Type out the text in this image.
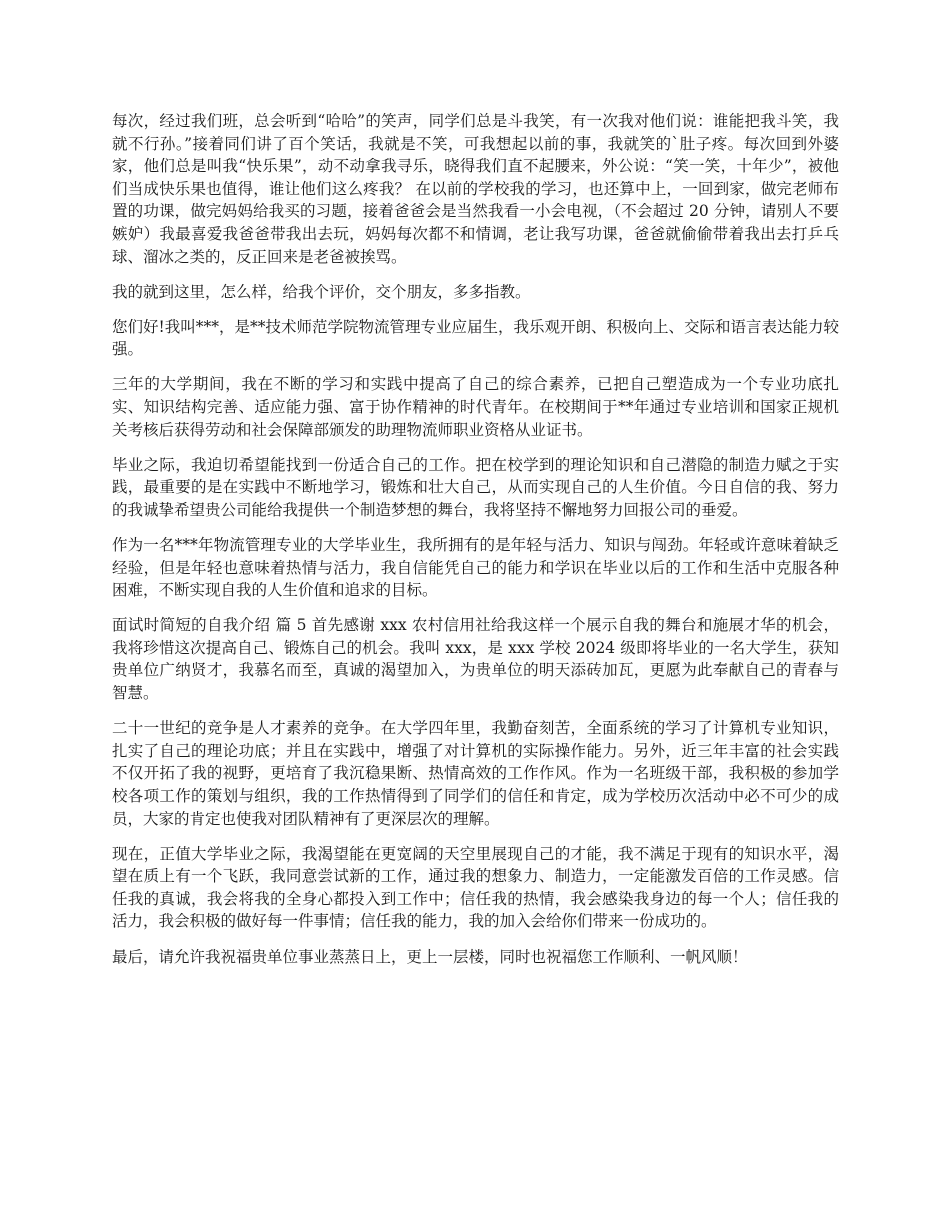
每次，经过我们班，总会听到“哈哈”的笑声，同学们总是斗我笑，有一次我对他们说：谁能把我斗笑，我就不行孙。”接着同们讲了百个笑话，我就是不笑，可我想起以前的事，我就笑的`肚子疼。每次回到外婆家，他们总是叫我“快乐果”，动不动拿我寻乐，晓得我们直不起腰来，外公说：“笑一笑，十年少”，被他们当成快乐果也值得，谁让他们这么疼我？ 在以前的学校我的学习，也还算中上，一回到家，做完老师布置的功课，做完妈妈给我买的习题，接着爸爸会是当然我看一小会电视，（不会超过 20 分钟，请别人不要嫉妒）我最喜爱我爸爸带我出去玩，妈妈每次都不和情调，老让我写功课，爸爸就偷偷带着我出去打乒乓球、溜冰之类的，反正回来是老爸被挨骂。

我的就到这里，怎么样，给我个评价，交个朋友，多多指教。

您们好!我叫***，是**技术师范学院物流管理专业应届生，我乐观开朗、积极向上、交际和语言表达能力较强。

三年的大学期间，我在不断的学习和实践中提高了自己的综合素养，已把自己塑造成为一个专业功底扎实、知识结构完善、适应能力强、富于协作精神的时代青年。在校期间于**年通过专业培训和国家正规机关考核后获得劳动和社会保障部颁发的助理物流师职业资格从业证书。

毕业之际，我迫切希望能找到一份适合自己的工作。把在校学到的理论知识和自己潜隐的制造力赋之于实践，最重要的是在实践中不断地学习，锻炼和壮大自己，从而实现自己的人生价值。今日自信的我、努力的我诚挚希望贵公司能给我提供一个制造梦想的舞台，我将坚持不懈地努力回报公司的垂爱。

作为一名***年物流管理专业的大学毕业生，我所拥有的是年轻与活力、知识与闯劲。年轻或许意味着缺乏经验，但是年轻也意味着热情与活力，我自信能凭自己的能力和学识在毕业以后的工作和生活中克服各种困难，不断实现自我的人生价值和追求的目标。

面试时简短的自我介绍 篇 5 首先感谢 xxx 农村信用社给我这样一个展示自我的舞台和施展才华的机会，我将珍惜这次提高自己、锻炼自己的机会。我叫 xxx，是 xxx 学校 2024 级即将毕业的一名大学生，获知贵单位广纳贤才，我慕名而至，真诚的渴望加入，为贵单位的明天添砖加瓦，更愿为此奉献自己的青春与智慧。

二十一世纪的竞争是人才素养的竞争。在大学四年里，我勤奋刻苦，全面系统的学习了计算机专业知识，扎实了自己的理论功底；并且在实践中，增强了对计算机的实际操作能力。另外，近三年丰富的社会实践不仅开拓了我的视野，更培育了我沉稳果断、热情高效的工作作风。作为一名班级干部，我积极的参加学校各项工作的策划与组织，我的工作热情得到了同学们的信任和肯定，成为学校历次活动中必不可少的成员，大家的肯定也使我对团队精神有了更深层次的理解。

现在，正值大学毕业之际，我渴望能在更宽阔的天空里展现自己的才能，我不满足于现有的知识水平，渴望在质上有一个飞跃，我同意尝试新的工作，通过我的想象力、制造力，一定能激发百倍的工作灵感。信任我的真诚，我会将我的全身心都投入到工作中；信任我的热情，我会感染我身边的每一个人；信任我的活力，我会积极的做好每一件事情；信任我的能力，我的加入会给你们带来一份成功的。

最后，请允许我祝福贵单位事业蒸蒸日上，更上一层楼，同时也祝福您工作顺利、一帆风顺！
